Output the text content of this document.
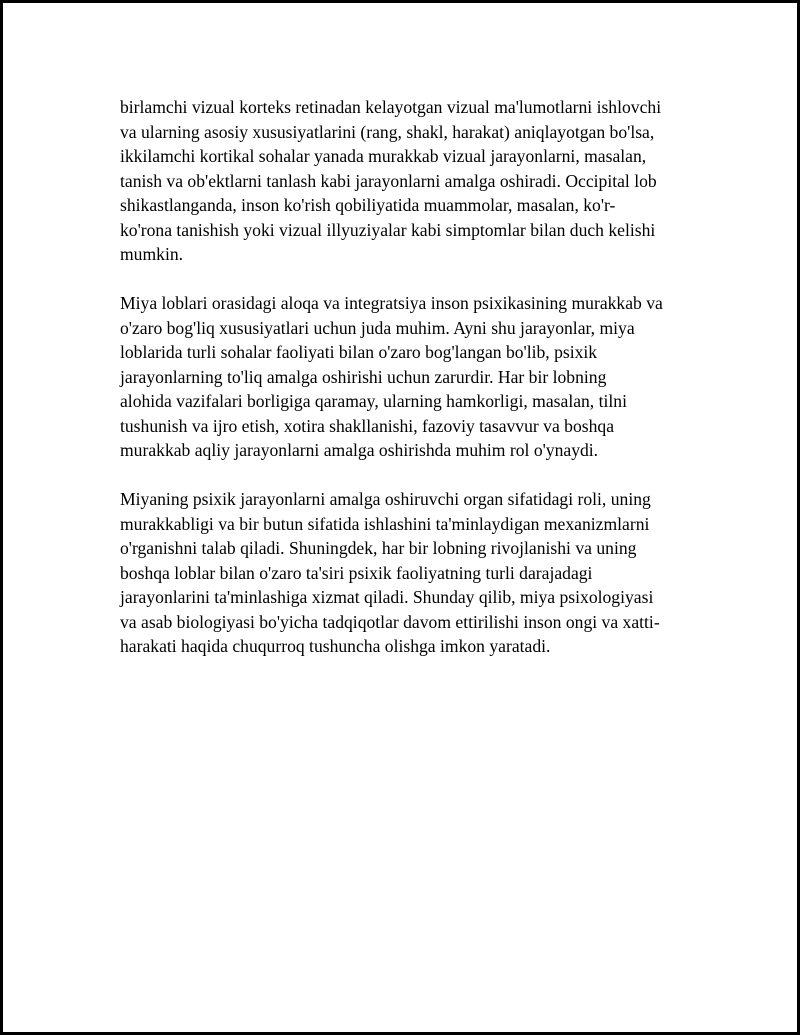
birlamchi vizual korteks retinadan kelayotgan vizual ma'lumotlarni ishlovchi
va ularning asosiy xususiyatlarini (rang, shakl, harakat) aniqlayotgan bo'lsa,
ikkilamchi kortikal sohalar yanada murakkab vizual jarayonlarni, masalan,
tanish va ob'ektlarni tanlash kabi jarayonlarni amalga oshiradi. Occipital lob
shikastlanganda, inson ko'rish qobiliyatida muammolar, masalan, ko'r-
ko'rona tanishish yoki vizual illyuziyalar kabi simptomlar bilan duch kelishi
mumkin.

Miya loblari orasidagi aloqa va integratsiya inson psixikasining murakkab va
o'zaro bog'liq xususiyatlari uchun juda muhim. Ayni shu jarayonlar, miya
loblarida turli sohalar faoliyati bilan o'zaro bog'langan bo'lib, psixik
jarayonlarning to'liq amalga oshirishi uchun zarurdir. Har bir lobning
alohida vazifalari borligiga qaramay, ularning hamkorligi, masalan, tilni
tushunish va ijro etish, xotira shakllanishi, fazoviy tasavvur va boshqa
murakkab aqliy jarayonlarni amalga oshirishda muhim rol o'ynaydi.

Miyaning psixik jarayonlarni amalga oshiruvchi organ sifatidagi roli, uning
murakkabligi va bir butun sifatida ishlashini ta'minlaydigan mexanizmlarni
o'rganishni talab qiladi. Shuningdek, har bir lobning rivojlanishi va uning
boshqa loblar bilan o'zaro ta'siri psixik faoliyatning turli darajadagi
jarayonlarini ta'minlashiga xizmat qiladi. Shunday qilib, miya psixologiyasi
va asab biologiyasi bo'yicha tadqiqotlar davom ettirilishi inson ongi va xatti-
harakati haqida chuqurroq tushuncha olishga imkon yaratadi.
